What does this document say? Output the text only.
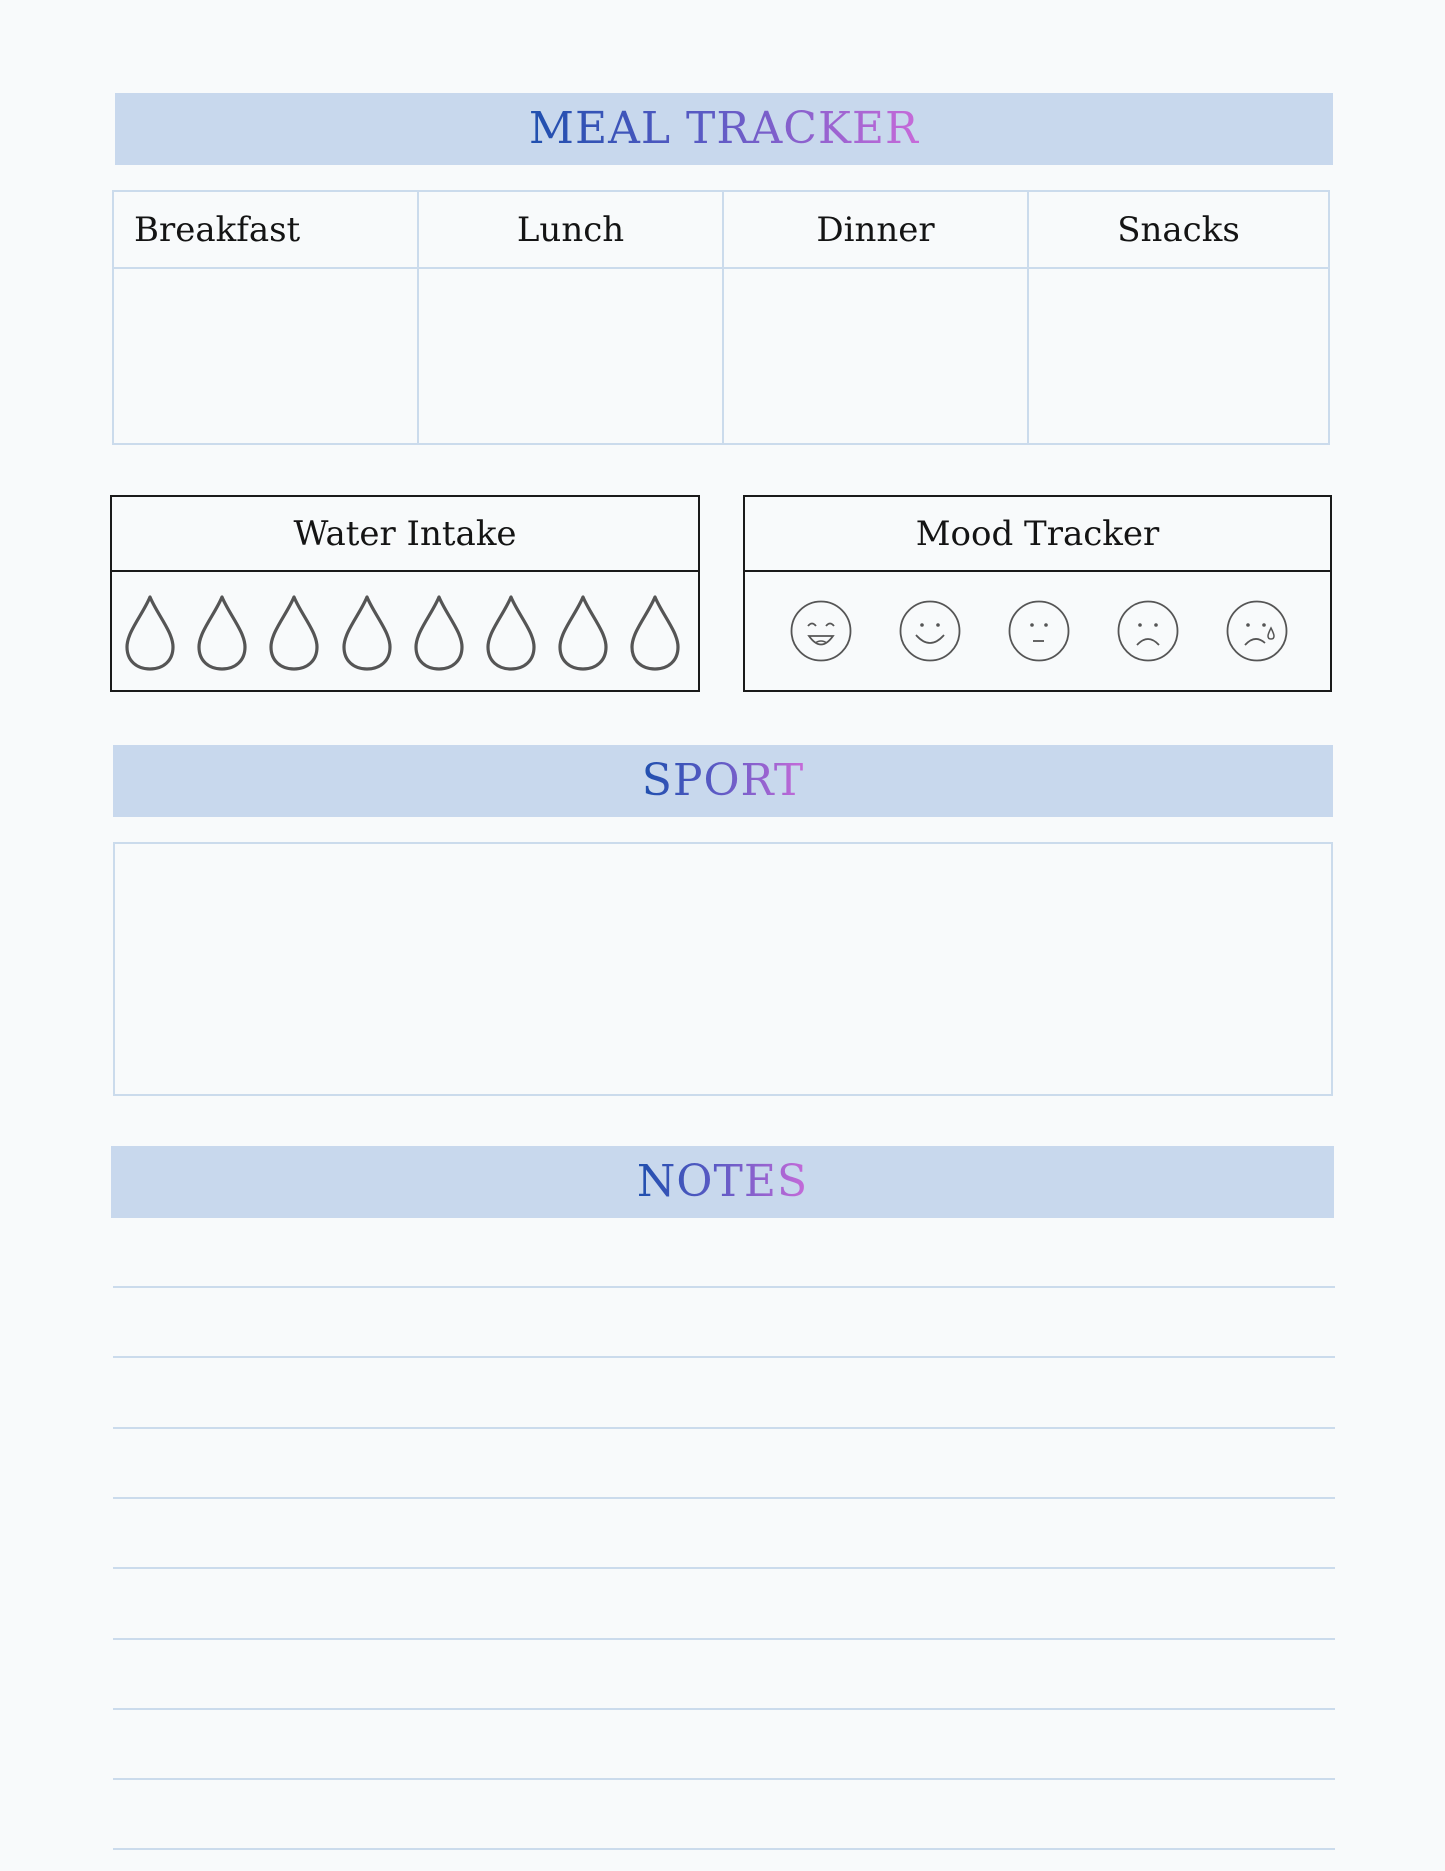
MEAL TRACKER
Breakfast	Lunch	Dinner	Snacks
Water Intake	Mood Tracker
SPORT
NOTES
